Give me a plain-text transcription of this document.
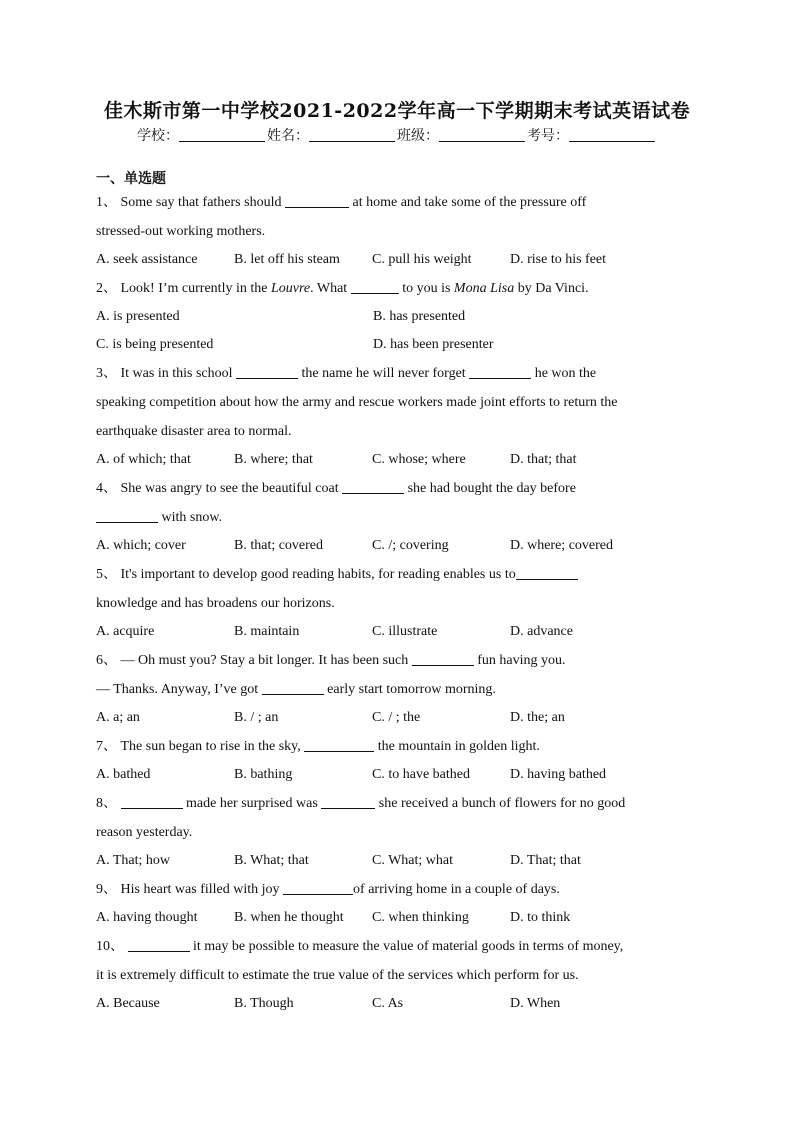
佳木斯市第一中学校2021-2022学年高一下学期期末考试英语试卷
学校：	姓名：	班级：	考号：
一、单选题

1、 Some say that fathers should	at home and take some of the pressure off

stressed-out working mothers.

A. seek assistance	B. let off his steam	C. pull his weight	D. rise to his feet

2、 Look! I’m currently in the Louvre. What	to you is Mona Lisa by Da Vinci.

A. is presented	B. has presented
C. is being presented	D. has been presenter

3、 It was in this school	the name he will never forget	he won the

speaking competition about how the army and rescue workers made joint efforts to return the

earthquake disaster area to normal.

A. of which; that	B. where; that	C. whose; where	D. that; that

4、 She was angry to see the beautiful coat	she had bought the day before

with snow.

A. which; cover	B. that; covered	C. /; covering	D. where; covered

5、 It's important to develop good reading habits, for reading enables us to

knowledge and has broadens our horizons.

A. acquire	B. maintain	C. illustrate	D. advance

6、 — Oh must you? Stay a bit longer. It has been such	fun having you.

— Thanks. Anyway, I’ve got	early start tomorrow morning.

A. a; an	B. / ; an	C. / ; the	D. the; an

7、 The sun began to rise in the sky,	the mountain in golden light.

A. bathed	B. bathing	C. to have bathed	D. having bathed

8、	made her surprised was	she received a bunch of flowers for no good

reason yesterday.

A. That; how	B. What; that	C. What; what	D. That; that

9、 His heart was filled with joy	of arriving home in a couple of days.

A. having thought	B. when he thought	C. when thinking	D. to think

10、	it may be possible to measure the value of material goods in terms of money,

it is extremely difficult to estimate the true value of the services which perform for us.

A. Because	B. Though	C. As	D. When
